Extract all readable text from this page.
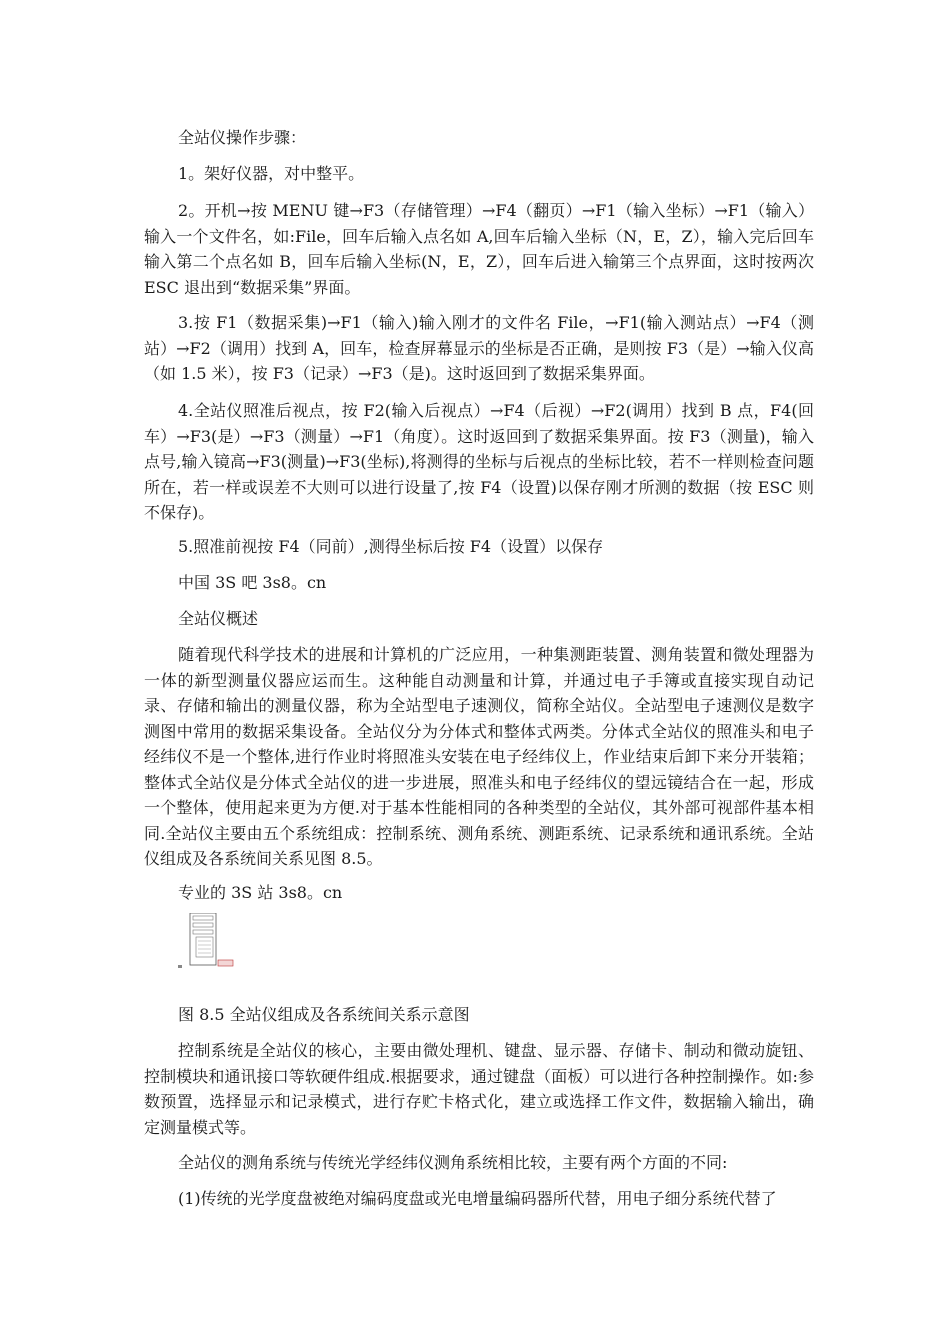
全站仪操作步骤：

1。架好仪器，对中整平。

2。开机→按 MENU 键→F3（存储管理）→F4（翻页）→F1（输入坐标）→F1（输入）输入一个文件名，如:File，回车后输入点名如 A,回车后输入坐标（N，E，Z），输入完后回车输入第二个点名如 B，回车后输入坐标(N，E，Z），回车后进入输第三个点界面，这时按两次 ESC 退出到“数据采集”界面。

3.按 F1（数据采集)→F1（输入)输入刚才的文件名 File，→F1(输入测站点）→F4（测站）→F2（调用）找到 A，回车，检查屏幕显示的坐标是否正确，是则按 F3（是）→输入仪高（如 1.5 米），按 F3（记录）→F3（是)。这时返回到了数据采集界面。

4.全站仪照准后视点，按 F2(输入后视点）→F4（后视）→F2(调用）找到 B 点，F4(回车）→F3(是）→F3（测量）→F1（角度）。这时返回到了数据采集界面。按 F3（测量)，输入点号,输入镜高→F3(测量)→F3(坐标),将测得的坐标与后视点的坐标比较，若不一样则检查问题所在，若一样或误差不大则可以进行设量了,按 F4（设置)以保存刚才所测的数据（按 ESC 则不保存)。

5.照准前视按 F4（同前）,测得坐标后按 F4（设置）以保存

中国 3S 吧 3s8。cn

全站仪概述

随着现代科学技术的进展和计算机的广泛应用，一种集测距装置、测角装置和微处理器为一体的新型测量仪器应运而生。这种能自动测量和计算，并通过电子手簿或直接实现自动记录、存储和输出的测量仪器，称为全站型电子速测仪，简称全站仪。全站型电子速测仪是数字测图中常用的数据采集设备。全站仪分为分体式和整体式两类。分体式全站仪的照准头和电子经纬仪不是一个整体,进行作业时将照准头安装在电子经纬仪上，作业结束后卸下来分开装箱；整体式全站仪是分体式全站仪的进一步进展，照准头和电子经纬仪的望远镜结合在一起，形成一个整体，使用起来更为方便.对于基本性能相同的各种类型的全站仪，其外部可视部件基本相同.全站仪主要由五个系统组成：控制系统、测角系统、测距系统、记录系统和通讯系统。全站仪组成及各系统间关系见图 8.5。

专业的 3S 站 3s8。cn

图 8.5 全站仪组成及各系统间关系示意图

控制系统是全站仪的核心，主要由微处理机、键盘、显示器、存储卡、制动和微动旋钮、控制模块和通讯接口等软硬件组成.根据要求，通过键盘（面板）可以进行各种控制操作。如:参数预置，选择显示和记录模式，进行存贮卡格式化，建立或选择工作文件，数据输入输出，确定测量模式等。

全站仪的测角系统与传统光学经纬仪测角系统相比较，主要有两个方面的不同:

(1)传统的光学度盘被绝对编码度盘或光电增量编码器所代替，用电子细分系统代替了
